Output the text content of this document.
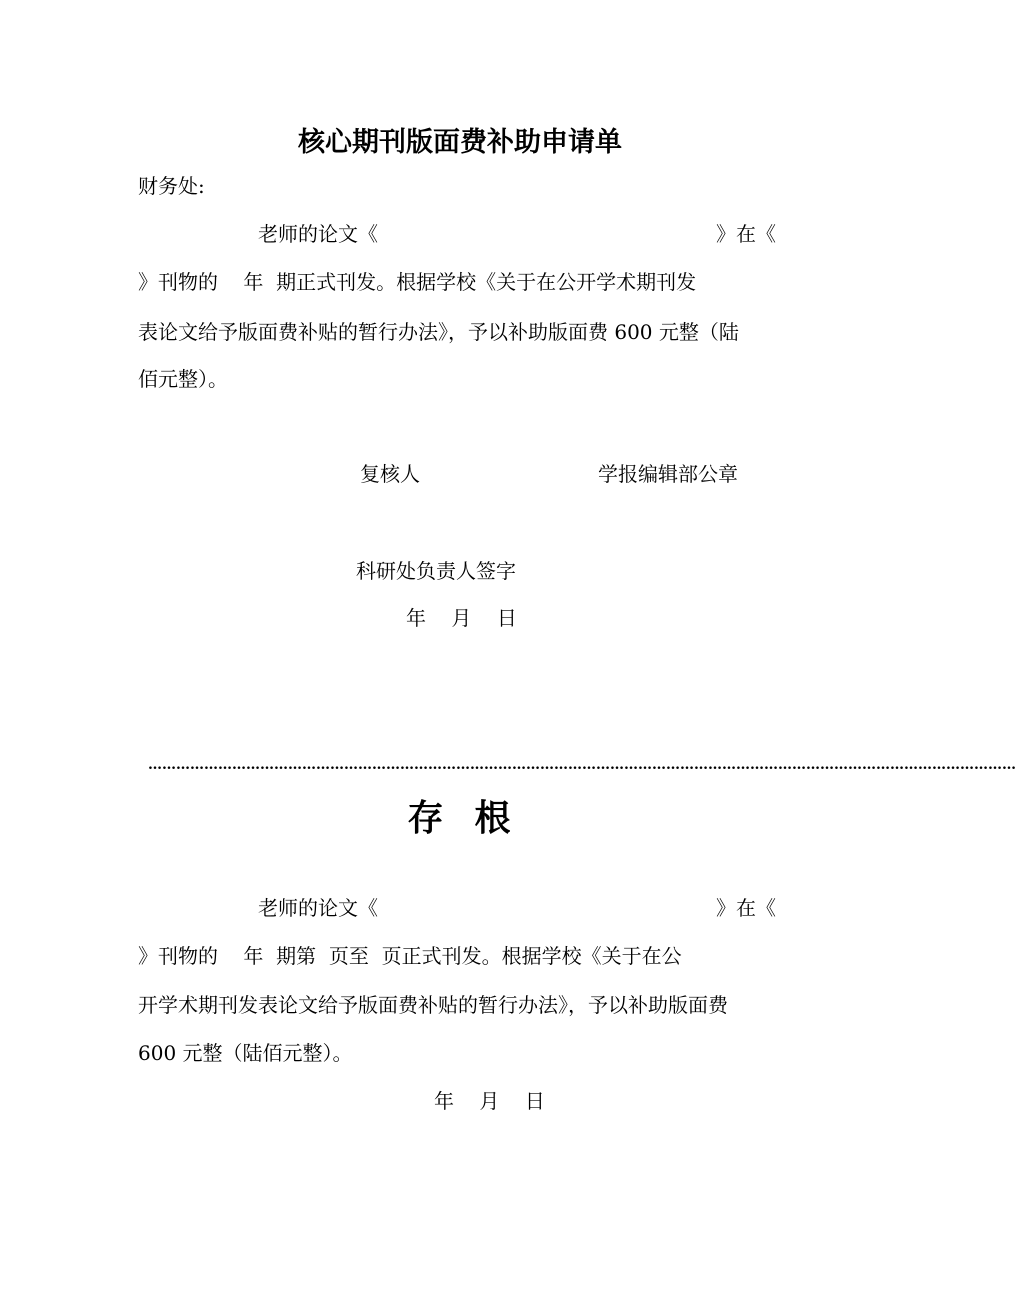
核心期刊版面费补助申请单
财务处:
老师的论文《	》在《
》刊物的    年  期正式刊发。根据学校《关于在公开学术期刊发
表论文给予版面费补贴的暂行办法》，予以补助版面费 600 元整（陆
佰元整）。
复核人	学报编辑部公章
科研处负责人签字
年    月    日
……………………………………………………………………………………………………………………………………………………………………
存  根
老师的论文《	》在《
》刊物的    年  期第  页至  页正式刊发。根据学校《关于在公
开学术期刊发表论文给予版面费补贴的暂行办法》，予以补助版面费
600 元整（陆佰元整）。
年    月    日
